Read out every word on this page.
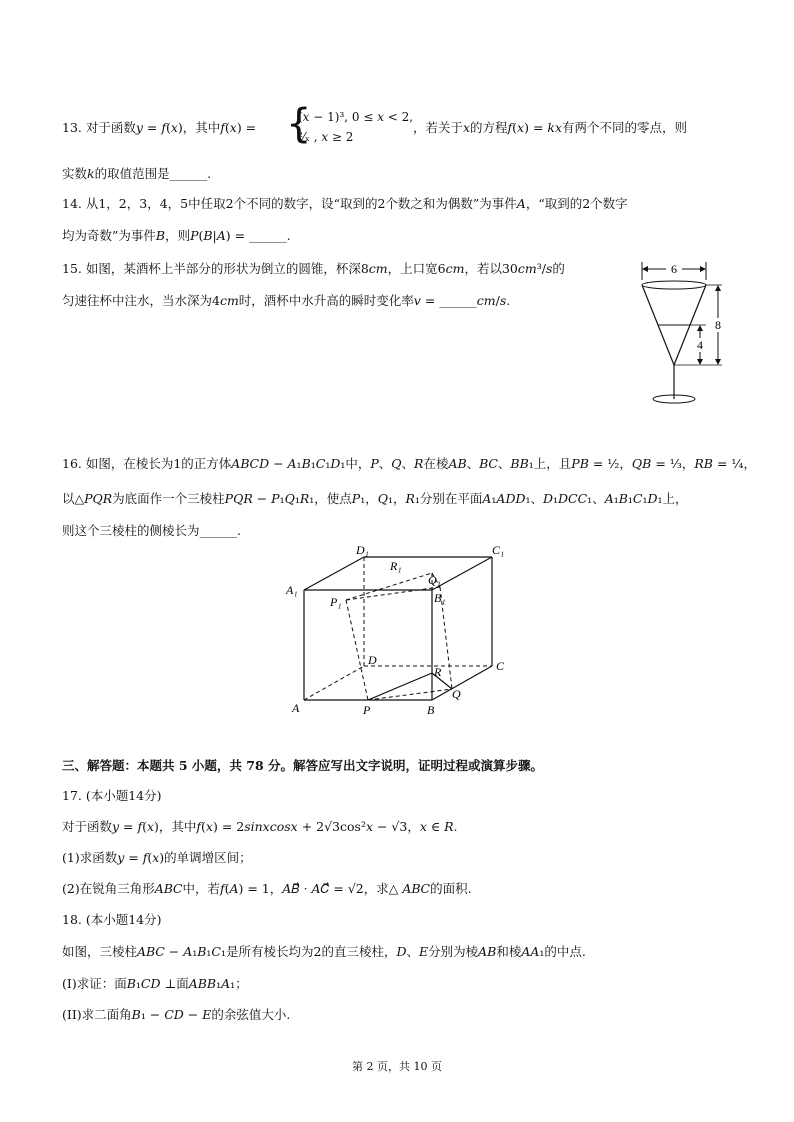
13. 对于函数𝑦 = 𝑓(𝑥)，其中𝑓(𝑥) = {
(𝑥 − 1)³, 0 ≤ 𝑥 < 2,
²⁄ₓ , 𝑥 ≥ 2
，若关于𝑥的方程𝑓(𝑥) = 𝑘𝑥有两个不同的零点，则
实数𝑘的取值范围是______.
14. 从1，2，3，4，5中任取2个不同的数字，设“取到的2个数之和为偶数”为事件𝐴，“取到的2个数字
均为奇数”为事件𝐵，则𝑃(𝐵|𝐴) = ______.
15. 如图，某酒杯上半部分的形状为倒立的圆锥，杯深8𝑐𝑚，上口宽6𝑐𝑚，若以30𝑐𝑚³/𝑠的
匀速往杯中注水，当水深为4𝑐𝑚时，酒杯中水升高的瞬时变化率𝑣 = ______𝑐𝑚/𝑠.
6
8
4
16. 如图，在棱长为1的正方体𝐴𝐵𝐶𝐷 − 𝐴₁𝐵₁𝐶₁𝐷₁中，𝑃、𝑄、𝑅在棱𝐴𝐵、𝐵𝐶、𝐵𝐵₁上，且𝑃𝐵 = ½，𝑄𝐵 = ⅓，𝑅𝐵 = ¼，
以△𝑃𝑄𝑅为底面作一个三棱柱𝑃𝑄𝑅 − 𝑃₁𝑄₁𝑅₁，使点𝑃₁，𝑄₁，𝑅₁分别在平面𝐴₁𝐴𝐷𝐷₁、𝐷₁𝐷𝐶𝐶₁、𝐴₁𝐵₁𝐶₁𝐷₁上，
则这个三棱柱的侧棱长为______.
D₁	C₁
A₁
B₁
R₁
Q₁
P₁
D	C
R
Q
A	P	B
三、解答题：本题共 5 小题，共 78 分。解答应写出文字说明，证明过程或演算步骤。
17. (本小题14分)
对于函数𝑦 = 𝑓(𝑥)，其中𝑓(𝑥) = 2𝑠𝑖𝑛𝑥𝑐𝑜𝑠𝑥 + 2√3cos²𝑥 − √3，𝑥 ∈ 𝑅.
(1)求函数𝑦 = 𝑓(𝑥)的单调增区间；
(2)在锐角三角形𝐴𝐵𝐶中，若𝑓(𝐴) = 1，𝐴𝐵⃗ · 𝐴𝐶⃗ = √2，求△ 𝐴𝐵𝐶的面积.
18. (本小题14分)
如图，三棱柱𝐴𝐵𝐶 − 𝐴₁𝐵₁𝐶₁是所有棱长均为2的直三棱柱，𝐷、𝐸分别为棱𝐴𝐵和棱𝐴𝐴₁的中点.
(I)求证：面𝐵₁𝐶𝐷 ⊥面𝐴𝐵𝐵₁𝐴₁；
(II)求二面角𝐵₁ − 𝐶𝐷 − 𝐸的余弦值大小.
第 2 页，共 10 页
